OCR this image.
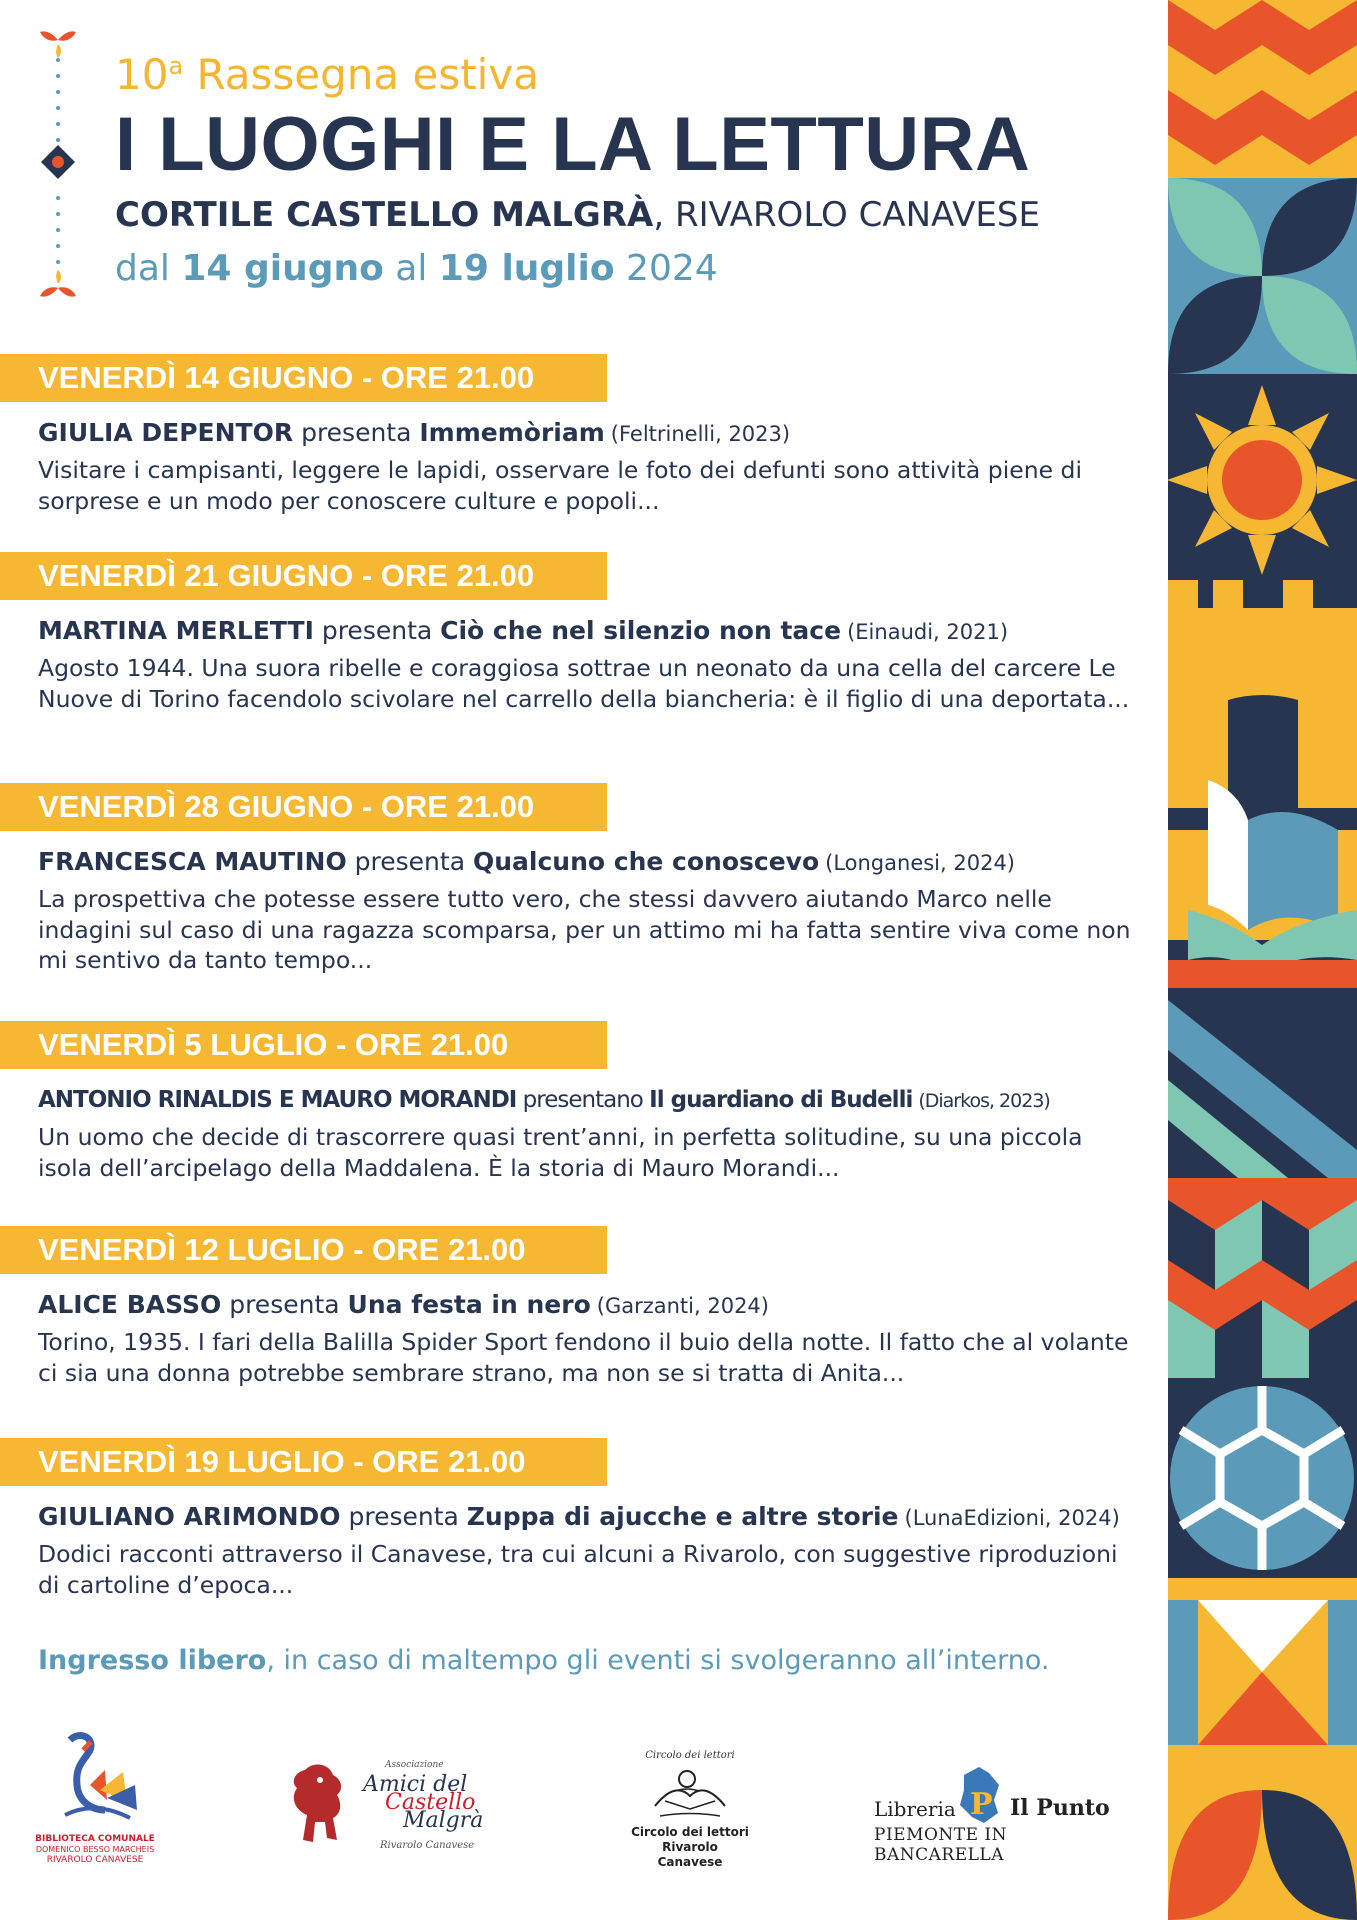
10$^a$ Rassegna estiva
I LUOGHI E LA LETTURA
CORTILE CASTELLO MALGRÀ, RIVAROLO CANAVESE
dal 14 giugno al 19 luglio 2024
VENERDÌ 14 GIUGNO - ORE 21.00
GIULIA DEPENTOR presenta Immemòriam (Feltrinelli, 2023)
Visitare i campisanti, leggere le lapidi, osservare le foto dei defunti sono attività piene di sorprese e un modo per conoscere culture e popoli...
VENERDÌ 21 GIUGNO - ORE 21.00
MARTINA MERLETTI presenta Ciò che nel silenzio non tace (Einaudi, 2021)
Agosto 1944. Una suora ribelle e coraggiosa sottrae un neonato da una cella del carcere Le Nuove di Torino facendolo scivolare nel carrello della biancheria: è il figlio di una deportata...
VENERDÌ 28 GIUGNO - ORE 21.00
FRANCESCA MAUTINO presenta Qualcuno che conoscevo (Longanesi, 2024)
La prospettiva che potesse essere tutto vero, che stessi davvero aiutando Marco nelle indagini sul caso di una ragazza scomparsa, per un attimo mi ha fatta sentire viva come non mi sentivo da tanto tempo...
VENERDÌ 5 LUGLIO - ORE 21.00
ANTONIO RINALDIS E MAURO MORANDI presentano Il guardiano di Budelli (Diarkos, 2023)
Un uomo che decide di trascorrere quasi trent’anni, in perfetta solitudine, su una piccola isola dell’arcipelago della Maddalena. È la storia di Mauro Morandi...
VENERDÌ 12 LUGLIO - ORE 21.00
ALICE BASSO presenta Una festa in nero (Garzanti, 2024)
Torino, 1935. I fari della Balilla Spider Sport fendono il buio della notte. Il fatto che al volante ci sia una donna potrebbe sembrare strano, ma non se si tratta di Anita...
VENERDÌ 19 LUGLIO - ORE 21.00
GIULIANO ARIMONDO presenta Zuppa di ajucche e altre storie (LunaEdizioni, 2024)
Dodici racconti attraverso il Canavese, tra cui alcuni a Rivarolo, con suggestive riproduzioni di cartoline d’epoca...
Ingresso libero, in caso di maltempo gli eventi si svolgeranno all’interno.
BIBLIOTECA COMUNALE
DOMENICO BESSO MARCHEIS
RIVAROLO CANAVESE
Associazione
Amici del
Castello
Malgrà
Rivarolo Canavese
Circolo dei lettori
Circolo dei lettori
Rivarolo Canavese
Libreria P Il Punto
PIEMONTE IN BANCARELLA
